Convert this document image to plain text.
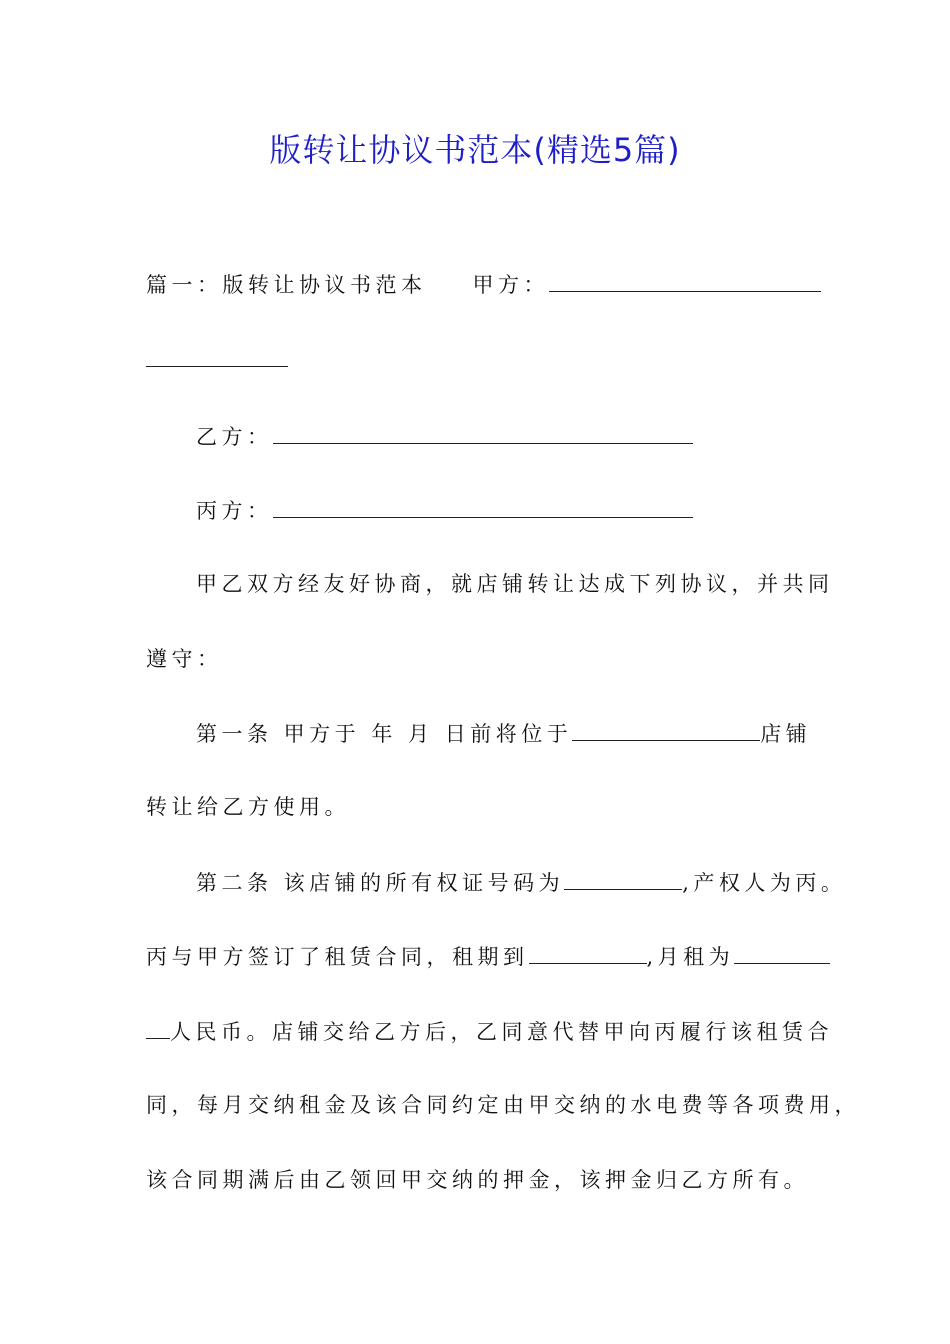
版转让协议书范本(精选5篇)

篇一：版转让协议书范本 甲方：

乙方：

丙方：

甲乙双方经友好协商，就店铺转让达成下列协议，并共同

遵守：

第一条 甲方于 年 月 日前将位于	店铺

转让给乙方使用。

第二条 该店铺的所有权证号码为	,产权人为丙。

丙与甲方签订了租赁合同，租期到	,月租为

人民币。店铺交给乙方后，乙同意代替甲向丙履行该租赁合

同，每月交纳租金及该合同约定由甲交纳的水电费等各项费用，

该合同期满后由乙领回甲交纳的押金，该押金归乙方所有。
